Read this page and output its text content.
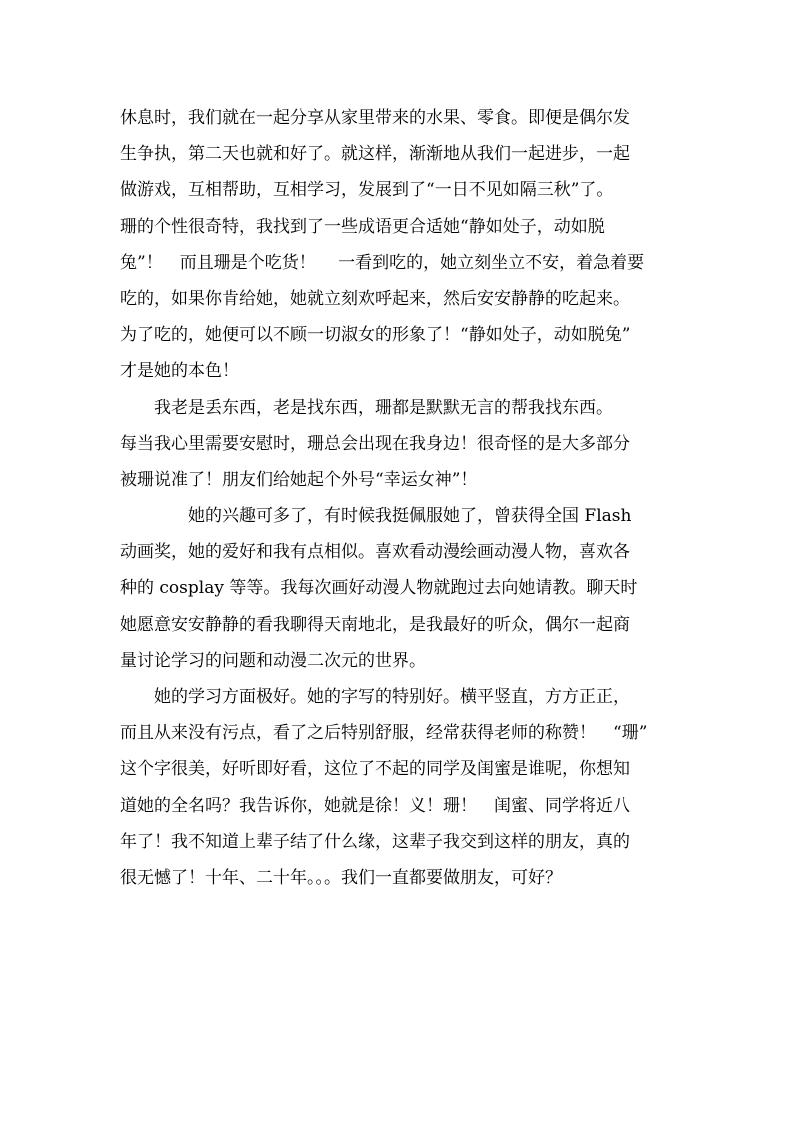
休息时，我们就在一起分享从家里带来的水果、零食。即便是偶尔发
生争执，第二天也就和好了。就这样，渐渐地从我们一起进步，一起
做游戏，互相帮助，互相学习，发展到了“一日不见如隔三秋”了。
珊的个性很奇特，我找到了一些成语更合适她“静如处子，动如脱
兔”！　而且珊是个吃货！　 一看到吃的，她立刻坐立不安，着急着要
吃的，如果你肯给她，她就立刻欢呼起来，然后安安静静的吃起来。
为了吃的，她便可以不顾一切淑女的形象了！“静如处子，动如脱兔”
才是她的本色！
　　我老是丢东西，老是找东西，珊都是默默无言的帮我找东西。
每当我心里需要安慰时，珊总会出现在我身边！很奇怪的是大多部分
被珊说准了！朋友们给她起个外号“幸运女神”！
　　　　她的兴趣可多了，有时候我挺佩服她了，曾获得全国 Flash
动画奖，她的爱好和我有点相似。喜欢看动漫绘画动漫人物，喜欢各
种的 cosplay 等等。我每次画好动漫人物就跑过去向她请教。聊天时
她愿意安安静静的看我聊得天南地北，是我最好的听众，偶尔一起商
量讨论学习的问题和动漫二次元的世界。
　　她的学习方面极好。她的字写的特别好。横平竖直，方方正正，
而且从来没有污点，看了之后特别舒服，经常获得老师的称赞！　“珊”
这个字很美，好听即好看，这位了不起的同学及闺蜜是谁呢，你想知
道她的全名吗？我告诉你，她就是徐！义！珊！　闺蜜、同学将近八
年了！我不知道上辈子结了什么缘，这辈子我交到这样的朋友，真的
很无憾了！十年、二十年。。。我们一直都要做朋友，可好？
